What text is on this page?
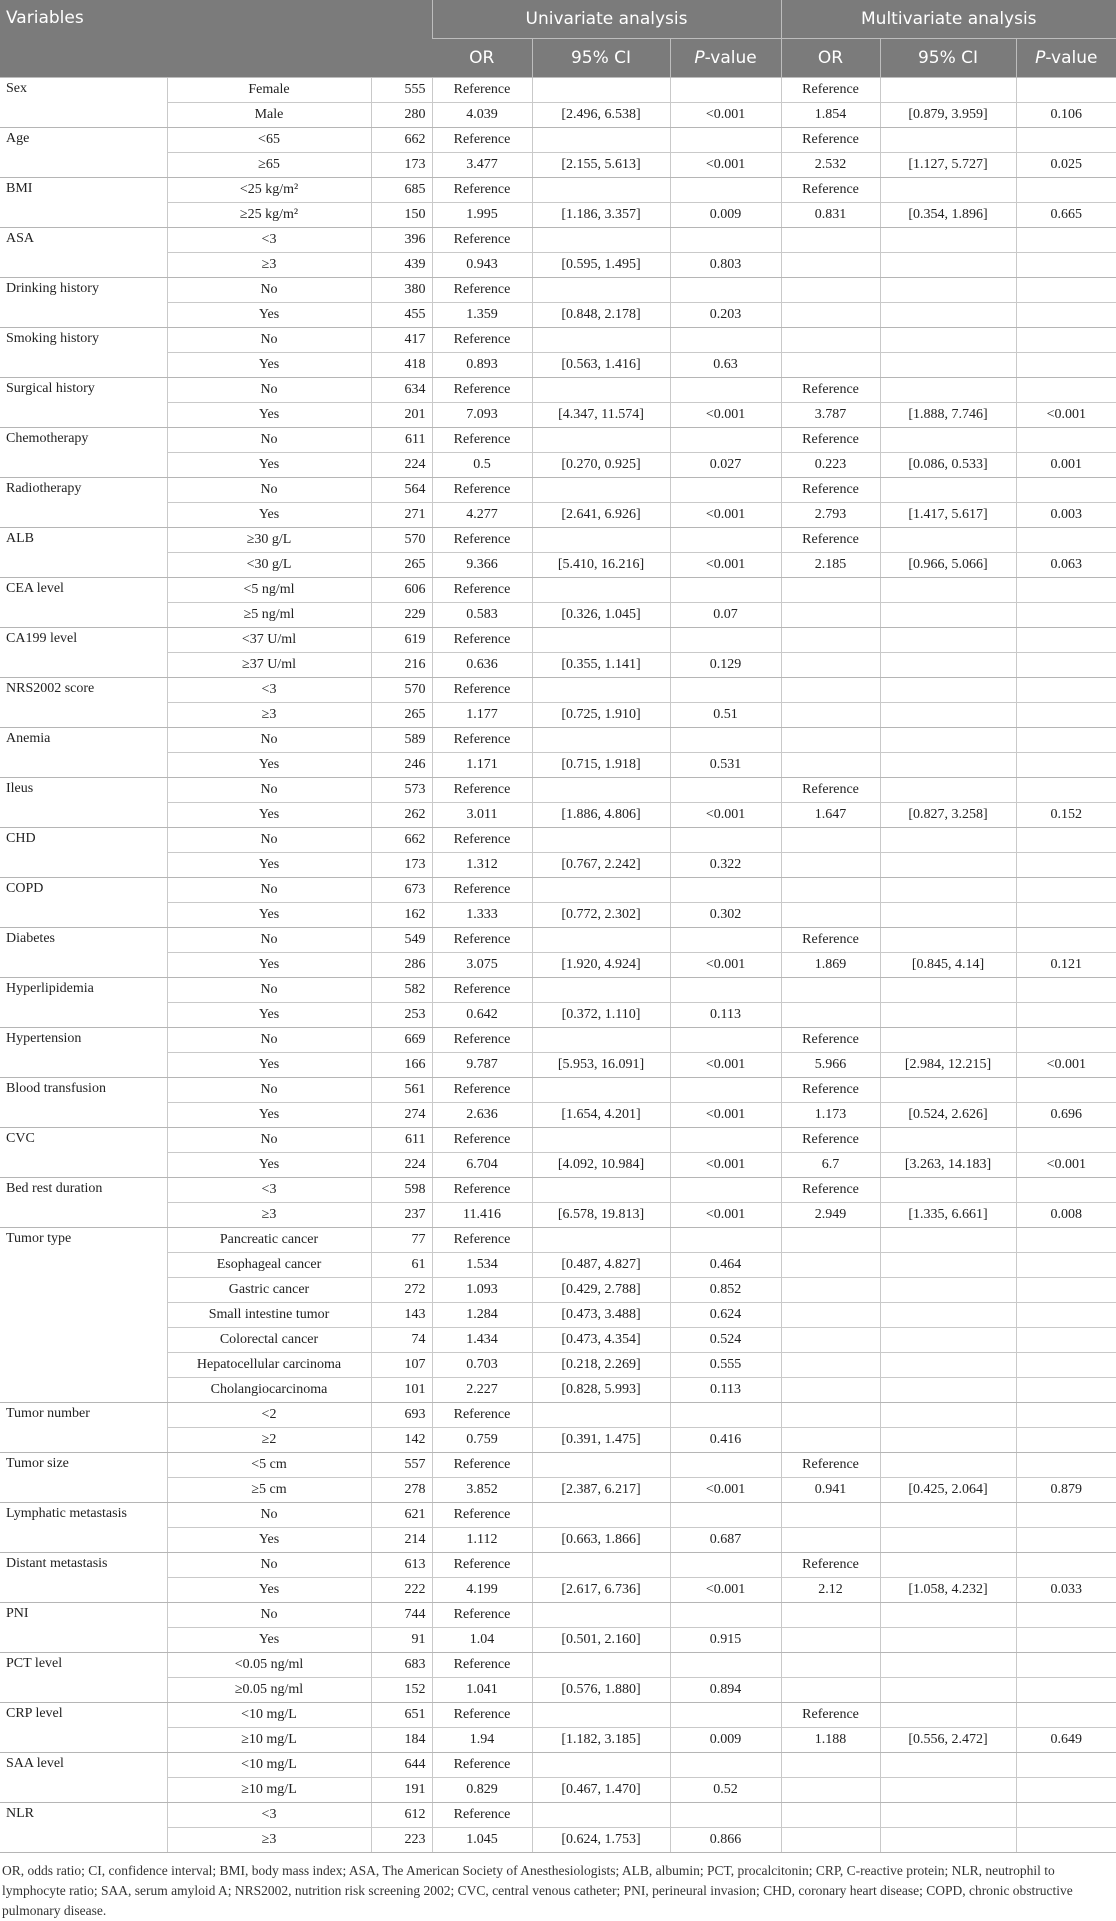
Variables			Univariate analysis			Multivariate analysis		
			OR	95% CI	P-value	OR	95% CI	P-value
Sex	Female	555	Reference			Reference		
	Male	280	4.039	[2.496, 6.538]	<0.001	1.854	[0.879, 3.959]	0.106
Age	<65	662	Reference			Reference		
	≥65	173	3.477	[2.155, 5.613]	<0.001	2.532	[1.127, 5.727]	0.025
BMI	<25 kg/m²	685	Reference			Reference		
	≥25 kg/m²	150	1.995	[1.186, 3.357]	0.009	0.831	[0.354, 1.896]	0.665
ASA	<3	396	Reference					
	≥3	439	0.943	[0.595, 1.495]	0.803			
Drinking history	No	380	Reference					
	Yes	455	1.359	[0.848, 2.178]	0.203			
Smoking history	No	417	Reference					
	Yes	418	0.893	[0.563, 1.416]	0.63			
Surgical history	No	634	Reference			Reference		
	Yes	201	7.093	[4.347, 11.574]	<0.001	3.787	[1.888, 7.746]	<0.001
Chemotherapy	No	611	Reference			Reference		
	Yes	224	0.5	[0.270, 0.925]	0.027	0.223	[0.086, 0.533]	0.001
Radiotherapy	No	564	Reference			Reference		
	Yes	271	4.277	[2.641, 6.926]	<0.001	2.793	[1.417, 5.617]	0.003
ALB	≥30 g/L	570	Reference			Reference		
	<30 g/L	265	9.366	[5.410, 16.216]	<0.001	2.185	[0.966, 5.066]	0.063
CEA level	<5 ng/ml	606	Reference					
	≥5 ng/ml	229	0.583	[0.326, 1.045]	0.07			
CA199 level	<37 U/ml	619	Reference					
	≥37 U/ml	216	0.636	[0.355, 1.141]	0.129			
NRS2002 score	<3	570	Reference					
	≥3	265	1.177	[0.725, 1.910]	0.51			
Anemia	No	589	Reference					
	Yes	246	1.171	[0.715, 1.918]	0.531			
Ileus	No	573	Reference			Reference		
	Yes	262	3.011	[1.886, 4.806]	<0.001	1.647	[0.827, 3.258]	0.152
CHD	No	662	Reference					
	Yes	173	1.312	[0.767, 2.242]	0.322			
COPD	No	673	Reference					
	Yes	162	1.333	[0.772, 2.302]	0.302			
Diabetes	No	549	Reference			Reference		
	Yes	286	3.075	[1.920, 4.924]	<0.001	1.869	[0.845, 4.14]	0.121
Hyperlipidemia	No	582	Reference					
	Yes	253	0.642	[0.372, 1.110]	0.113			
Hypertension	No	669	Reference			Reference		
	Yes	166	9.787	[5.953, 16.091]	<0.001	5.966	[2.984, 12.215]	<0.001
Blood transfusion	No	561	Reference			Reference		
	Yes	274	2.636	[1.654, 4.201]	<0.001	1.173	[0.524, 2.626]	0.696
CVC	No	611	Reference			Reference		
	Yes	224	6.704	[4.092, 10.984]	<0.001	6.7	[3.263, 14.183]	<0.001
Bed rest duration	<3	598	Reference			Reference		
	≥3	237	11.416	[6.578, 19.813]	<0.001	2.949	[1.335, 6.661]	0.008
Tumor type	Pancreatic cancer	77	Reference					
	Esophageal cancer	61	1.534	[0.487, 4.827]	0.464			
	Gastric cancer	272	1.093	[0.429, 2.788]	0.852			
	Small intestine tumor	143	1.284	[0.473, 3.488]	0.624			
	Colorectal cancer	74	1.434	[0.473, 4.354]	0.524			
	Hepatocellular carcinoma	107	0.703	[0.218, 2.269]	0.555			
	Cholangiocarcinoma	101	2.227	[0.828, 5.993]	0.113			
Tumor number	<2	693	Reference					
	≥2	142	0.759	[0.391, 1.475]	0.416			
Tumor size	<5 cm	557	Reference			Reference		
	≥5 cm	278	3.852	[2.387, 6.217]	<0.001	0.941	[0.425, 2.064]	0.879
Lymphatic metastasis	No	621	Reference					
	Yes	214	1.112	[0.663, 1.866]	0.687			
Distant metastasis	No	613	Reference			Reference		
	Yes	222	4.199	[2.617, 6.736]	<0.001	2.12	[1.058, 4.232]	0.033
PNI	No	744	Reference					
	Yes	91	1.04	[0.501, 2.160]	0.915			
PCT level	<0.05 ng/ml	683	Reference					
	≥0.05 ng/ml	152	1.041	[0.576, 1.880]	0.894			
CRP level	<10 mg/L	651	Reference			Reference		
	≥10 mg/L	184	1.94	[1.182, 3.185]	0.009	1.188	[0.556, 2.472]	0.649
SAA level	<10 mg/L	644	Reference					
	≥10 mg/L	191	0.829	[0.467, 1.470]	0.52			
NLR	<3	612	Reference					
	≥3	223	1.045	[0.624, 1.753]	0.866			
OR, odds ratio; CI, confidence interval; BMI, body mass index; ASA, The American Society of Anesthesiologists; ALB, albumin; PCT, procalcitonin; CRP, C-reactive protein; NLR, neutrophil to lymphocyte ratio; SAA, serum amyloid A; NRS2002, nutrition risk screening 2002; CVC, central venous catheter; PNI, perineural invasion; CHD, coronary heart disease; COPD, chronic obstructive pulmonary disease.
